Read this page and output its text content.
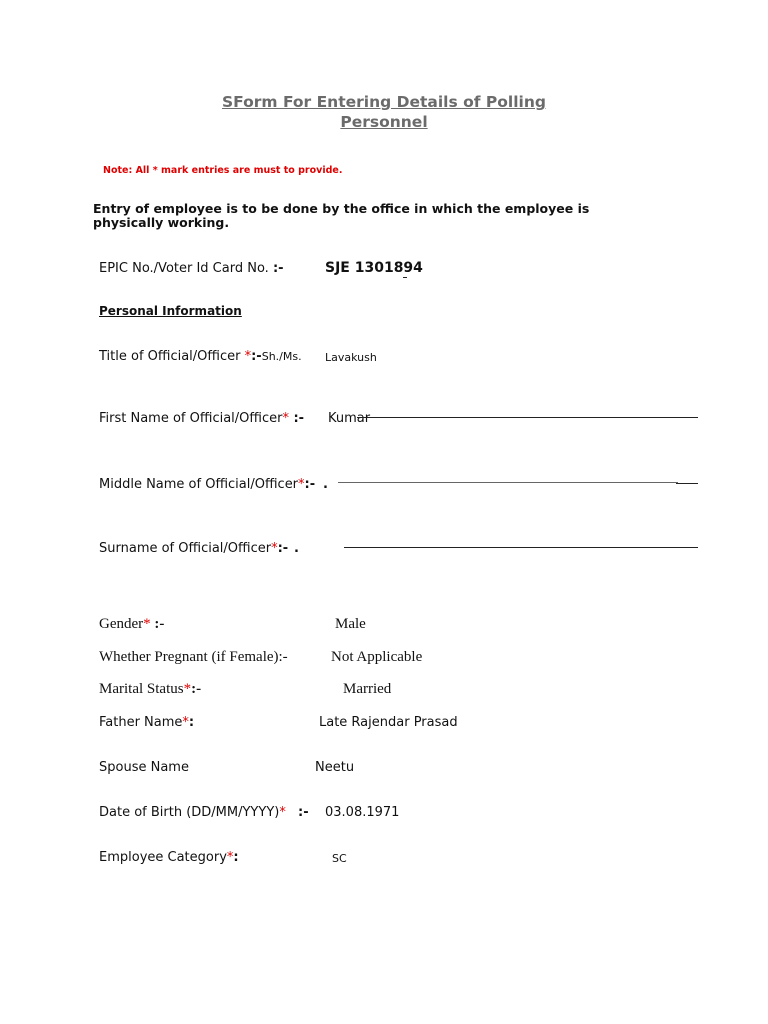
SForm For Entering Details of Polling
Personnel
Note: All * mark entries are must to provide.
Entry of employee is to be done by the office in which the employee is physically working.
EPIC No./Voter Id Card No. :-	SJE 1301894
Personal Information
Title of Official/Officer *:-Sh./Ms. Lavakush
First Name of Official/Officer* :- Kumar
Middle Name of Official/Officer*:- .
Surname of Official/Officer*:- .
Gender* :-	Male
Whether Pregnant (if Female):-	Not Applicable
Marital Status*:-	Married
Father Name*:	Late Rajendar Prasad
Spouse Name	Neetu
Date of Birth (DD/MM/YYYY)* :- 03.08.1971
Employee Category*:	SC
